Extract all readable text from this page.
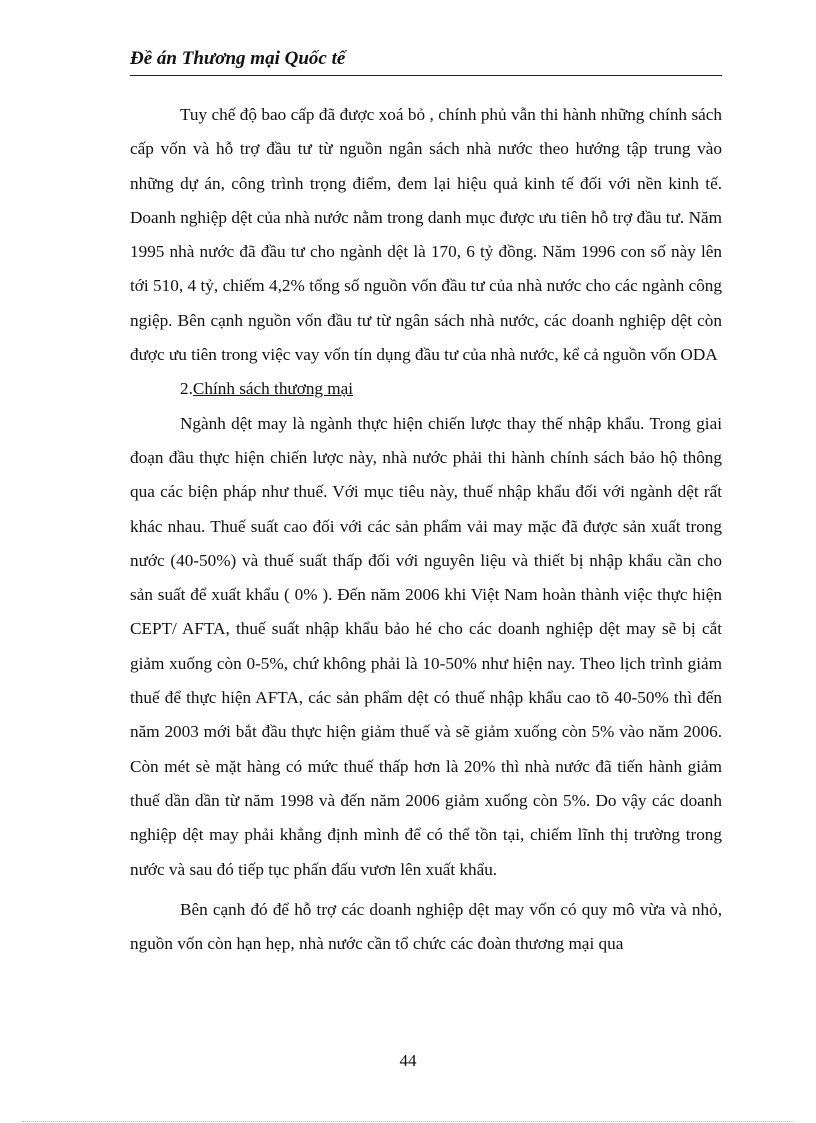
Đề án Thương mại Quốc tế

Tuy chế độ bao cấp đã được xoá bỏ , chính phủ vẫn thi hành những chính sách cấp vốn và hỗ trợ đầu tư từ nguồn ngân sách nhà nước theo hướng tập trung vào những dự án, công trình trọng điểm, đem lại hiệu quả kinh tế đối với nền kinh tế. Doanh nghiệp dệt của nhà nước nằm trong danh mục được ưu tiên hỗ trợ đầu tư. Năm 1995 nhà nước đã đầu tư cho ngành dệt là 170, 6 tỷ đồng. Năm 1996 con số này lên tới 510, 4 tỷ, chiếm 4,2% tổng số nguồn vốn đầu tư của nhà nước cho các ngành công ngiệp. Bên cạnh nguồn vốn đầu tư từ ngân sách nhà nước, các doanh nghiệp dệt còn được ưu tiên trong việc vay vốn tín dụng đầu tư của nhà nước, kể cả nguồn vốn ODA

2.Chính sách thương mại

Ngành dệt may là ngành thực hiện chiến lược thay thế nhập khẩu. Trong giai đoạn đầu thực hiện chiến lược này, nhà nước phải thi hành chính sách bảo hộ thông qua các biện pháp như thuế. Với mục tiêu này, thuế nhập khẩu đối với ngành dệt rất khác nhau. Thuế suất cao đối với các sản phẩm vải may mặc đã được sản xuất trong nước (40-50%) và thuế suất thấp đối với nguyên liệu và thiết bị nhập khẩu cần cho sản suất để xuất khẩu ( 0% ). Đến năm 2006 khi Việt Nam hoàn thành việc thực hiện CEPT/ AFTA, thuế suất nhập khẩu bảo hé cho các doanh nghiệp dệt may sẽ bị cắt giảm xuống còn 0-5%, chứ không phải là 10-50% như hiện nay. Theo lịch trình giảm thuế để thực hiện AFTA, các sản phẩm dệt có thuế nhập khẩu cao tõ 40-50% thì đến năm 2003 mới bắt đầu thực hiện giảm thuế và sẽ giảm xuống còn 5% vào năm 2006. Còn mét sè mặt hàng có mức thuế thấp hơn là 20% thì nhà nước đã tiến hành giảm thuế dần dần từ năm 1998 và đến năm 2006 giảm xuống còn 5%. Do vậy các doanh nghiệp dệt may phải khẳng định mình để có thể tồn tại, chiếm lĩnh thị trường trong nước và sau đó tiếp tục phấn đấu vươn lên xuất khẩu.

Bên cạnh đó để hỗ trợ các doanh nghiệp dệt may vốn có quy mô vừa và nhỏ, nguồn vốn còn hạn hẹp, nhà nước cần tổ chức các đoàn thương mại qua

44
